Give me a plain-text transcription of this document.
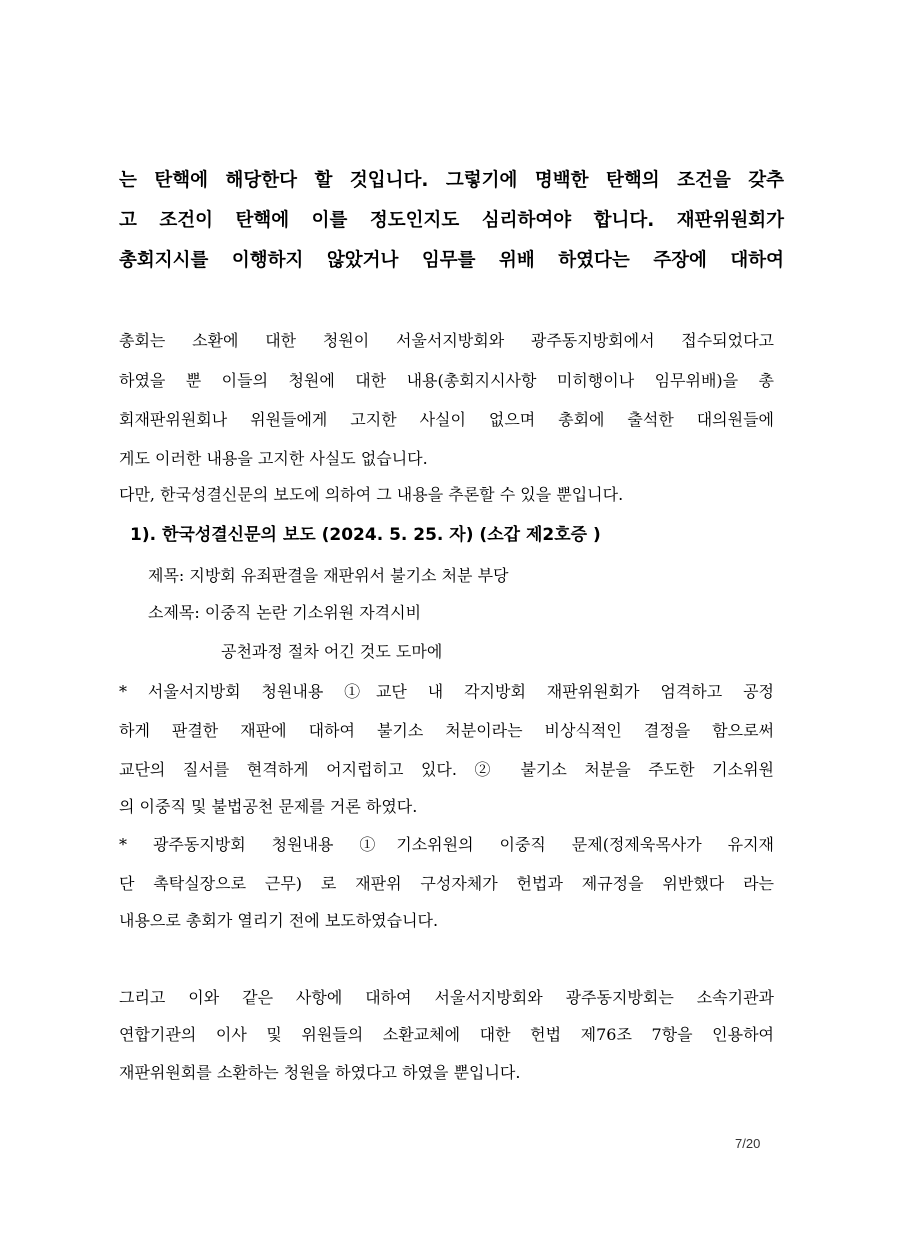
는 탄핵에 해당한다 할 것입니다. 그렇기에 명백한 탄핵의 조건을 갖추
고 조건이 탄핵에 이를 정도인지도 심리하여야 합니다. 재판위원회가
총회지시를 이행하지 않았거나 임무를 위배 하였다는 주장에 대하여
총회는 소환에 대한 청원이 서울서지방회와 광주동지방회에서 접수되었다고
하였을 뿐 이들의 청원에 대한 내용(총회지시사항 미히행이나 임무위배)을 총
회재판위원회나 위원들에게 고지한 사실이 없으며 총회에 출석한 대의원들에
게도 이러한 내용을 고지한 사실도 없습니다.
다만, 한국성결신문의 보도에 의하여 그 내용을 추론할 수 있을 뿐입니다.
1). 한국성결신문의 보도 (2024. 5. 25. 자) (소갑 제2호증 )
제목: 지방회 유죄판결을 재판위서 불기소 처분 부당
소제목: 이중직 논란 기소위원 자격시비
공천과정 절차 어긴 것도 도마에
* 서울서지방회 청원내용 ①교단 내 각지방회 재판위원회가 엄격하고 공정
하게 판결한 재판에 대하여 불기소 처분이라는 비상식적인 결정을 함으로써
교단의 질서를 현격하게 어지럽히고 있다. ② 불기소 처분을 주도한 기소위원
의 이중직 및 불법공천 문제를 거론 하였다.
* 광주동지방회 청원내용 ①기소위원의 이중직 문제(정제욱목사가 유지재
단 촉탁실장으로 근무) 로 재판위 구성자체가 헌법과 제규정을 위반했다 라는
내용으로 총회가 열리기 전에 보도하였습니다.
그리고 이와 같은 사항에 대하여 서울서지방회와 광주동지방회는 소속기관과
연합기관의 이사 및 위원들의 소환교체에 대한 헌법 제76조 7항을 인용하여
재판위원회를 소환하는 청원을 하였다고 하였을 뿐입니다.
7/20
